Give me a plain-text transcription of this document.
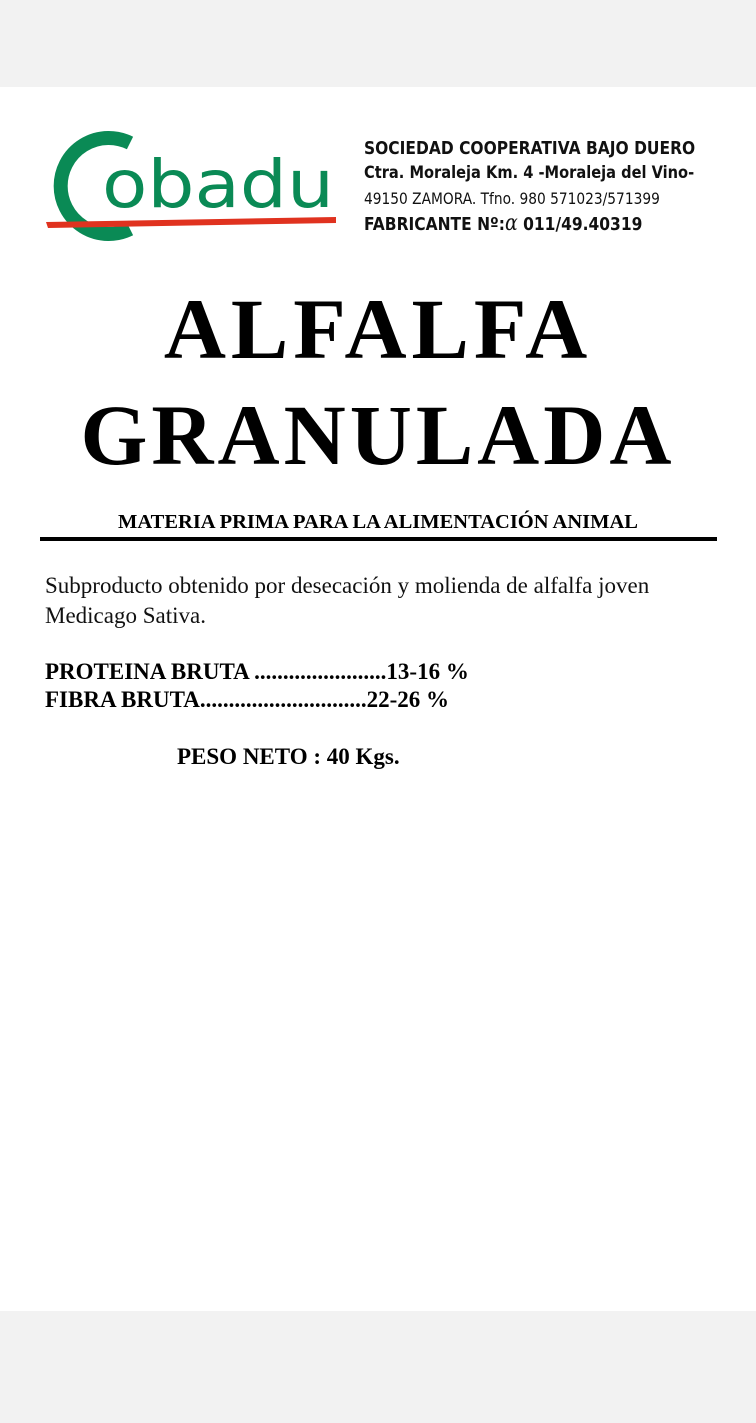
obadu SOCIEDAD COOPERATIVA BAJO DUERO
Ctra. Moraleja Km. 4 -Moraleja del Vino-
49150 ZAMORA. Tfno. 980 571023/571399
FABRICANTE Nº:α 011/49.40319
ALFALFA
GRANULADA

MATERIA PRIMA PARA LA ALIMENTACIÓN ANIMAL

Subproducto obtenido por desecación y molienda de alfalfa joven Medicago Sativa.

PROTEINA BRUTA .......................13-16 %

FIBRA BRUTA.............................22-26 %

PESO NETO : 40 Kgs.
